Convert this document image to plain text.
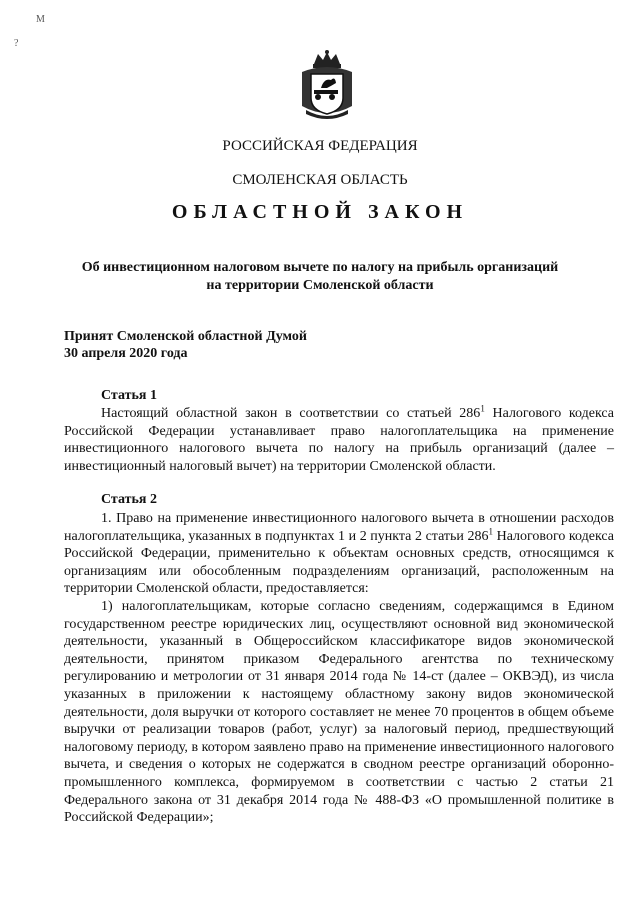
М
?
РОССИЙСКАЯ ФЕДЕРАЦИЯ
СМОЛЕНСКАЯ ОБЛАСТЬ
ОБЛАСТНОЙ ЗАКОН
Об инвестиционном налоговом вычете по налогу на прибыль организаций
на территории Смоленской области
Принят Смоленской областной Думой
30 апреля 2020 года
Статья 1

Настоящий областной закон в соответствии со статьей $286^1$ Налогового кодекса Российской Федерации устанавливает право налогоплательщика на применение инвестиционного налогового вычета по налогу на прибыль организаций (далее – инвестиционный налоговый вычет) на территории Смоленской области.

Статья 2

1. Право на применение инвестиционного налогового вычета в отношении расходов налогоплательщика, указанных в подпунктах 1 и 2 пункта 2 статьи $286^1$ Налогового кодекса Российской Федерации, применительно к объектам основных средств, относящимся к организациям или обособленным подразделениям организаций, расположенным на территории Смоленской области, предоставляется:

1) налогоплательщикам, которые согласно сведениям, содержащимся в Едином государственном реестре юридических лиц, осуществляют основной вид экономической деятельности, указанный в Общероссийском классификаторе видов экономической деятельности, принятом приказом Федерального агентства по техническому регулированию и метрологии от 31 января 2014 года № 14-ст (далее – ОКВЭД), из числа указанных в приложении к настоящему областному закону видов экономической деятельности, доля выручки от которого составляет не менее 70 процентов в общем объеме выручки от реализации товаров (работ, услуг) за налоговый период, предшествующий налоговому периоду, в котором заявлено право на применение инвестиционного налогового вычета, и сведения о которых не содержатся в сводном реестре организаций оборонно-промышленного комплекса, формируемом в соответствии с частью 2 статьи 21 Федерального закона от 31 декабря 2014 года № 488-ФЗ «О промышленной политике в Российской Федерации»;
